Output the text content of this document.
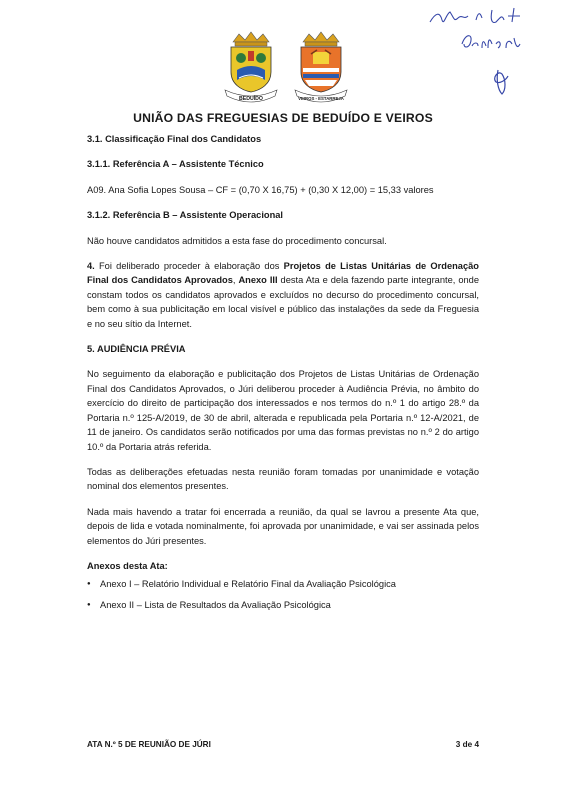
BEDUÍDO	VEIROS - ESTARREJA
UNIÃO DAS FREGUESIAS DE BEDUÍDO E VEIROS

3.1. Classificação Final dos Candidatos

3.1.1. Referência A – Assistente Técnico

A09. Ana Sofia Lopes Sousa – CF = (0,70 X 16,75) + (0,30 X 12,00) = 15,33 valores

3.1.2. Referência B – Assistente Operacional

Não houve candidatos admitidos a esta fase do procedimento concursal.

4. Foi deliberado proceder à elaboração dos Projetos de Listas Unitárias de Ordenação Final dos Candidatos Aprovados, Anexo III desta Ata e dela fazendo parte integrante, onde constam todos os candidatos aprovados e excluídos no decurso do procedimento concursal, bem como à sua publicitação em local visível e público das instalações da sede da Freguesia e no seu sítio da Internet.

5. AUDIÊNCIA PRÉVIA

No seguimento da elaboração e publicitação dos Projetos de Listas Unitárias de Ordenação Final dos Candidatos Aprovados, o Júri deliberou proceder à Audiência Prévia, no âmbito do exercício do direito de participação dos interessados e nos termos do n.º 1 do artigo 28.º da Portaria n.º 125-A/2019, de 30 de abril, alterada e republicada pela Portaria n.º 12-A/2021, de 11 de janeiro. Os candidatos serão notificados por uma das formas previstas no n.º 2 do artigo 10.º da Portaria atrás referida.

Todas as deliberações efetuadas nesta reunião foram tomadas por unanimidade e votação nominal dos elementos presentes.

Nada mais havendo a tratar foi encerrada a reunião, da qual se lavrou a presente Ata que, depois de lida e votada nominalmente, foi aprovada por unanimidade, e vai ser assinada pelos elementos do Júri presentes.

Anexos desta Ata:

● Anexo I – Relatório Individual e Relatório Final da Avaliação Psicológica
● Anexo II – Lista de Resultados da Avaliação Psicológica
ATA N.º 5 DE REUNIÃO DE JÚRI	3 de 4
